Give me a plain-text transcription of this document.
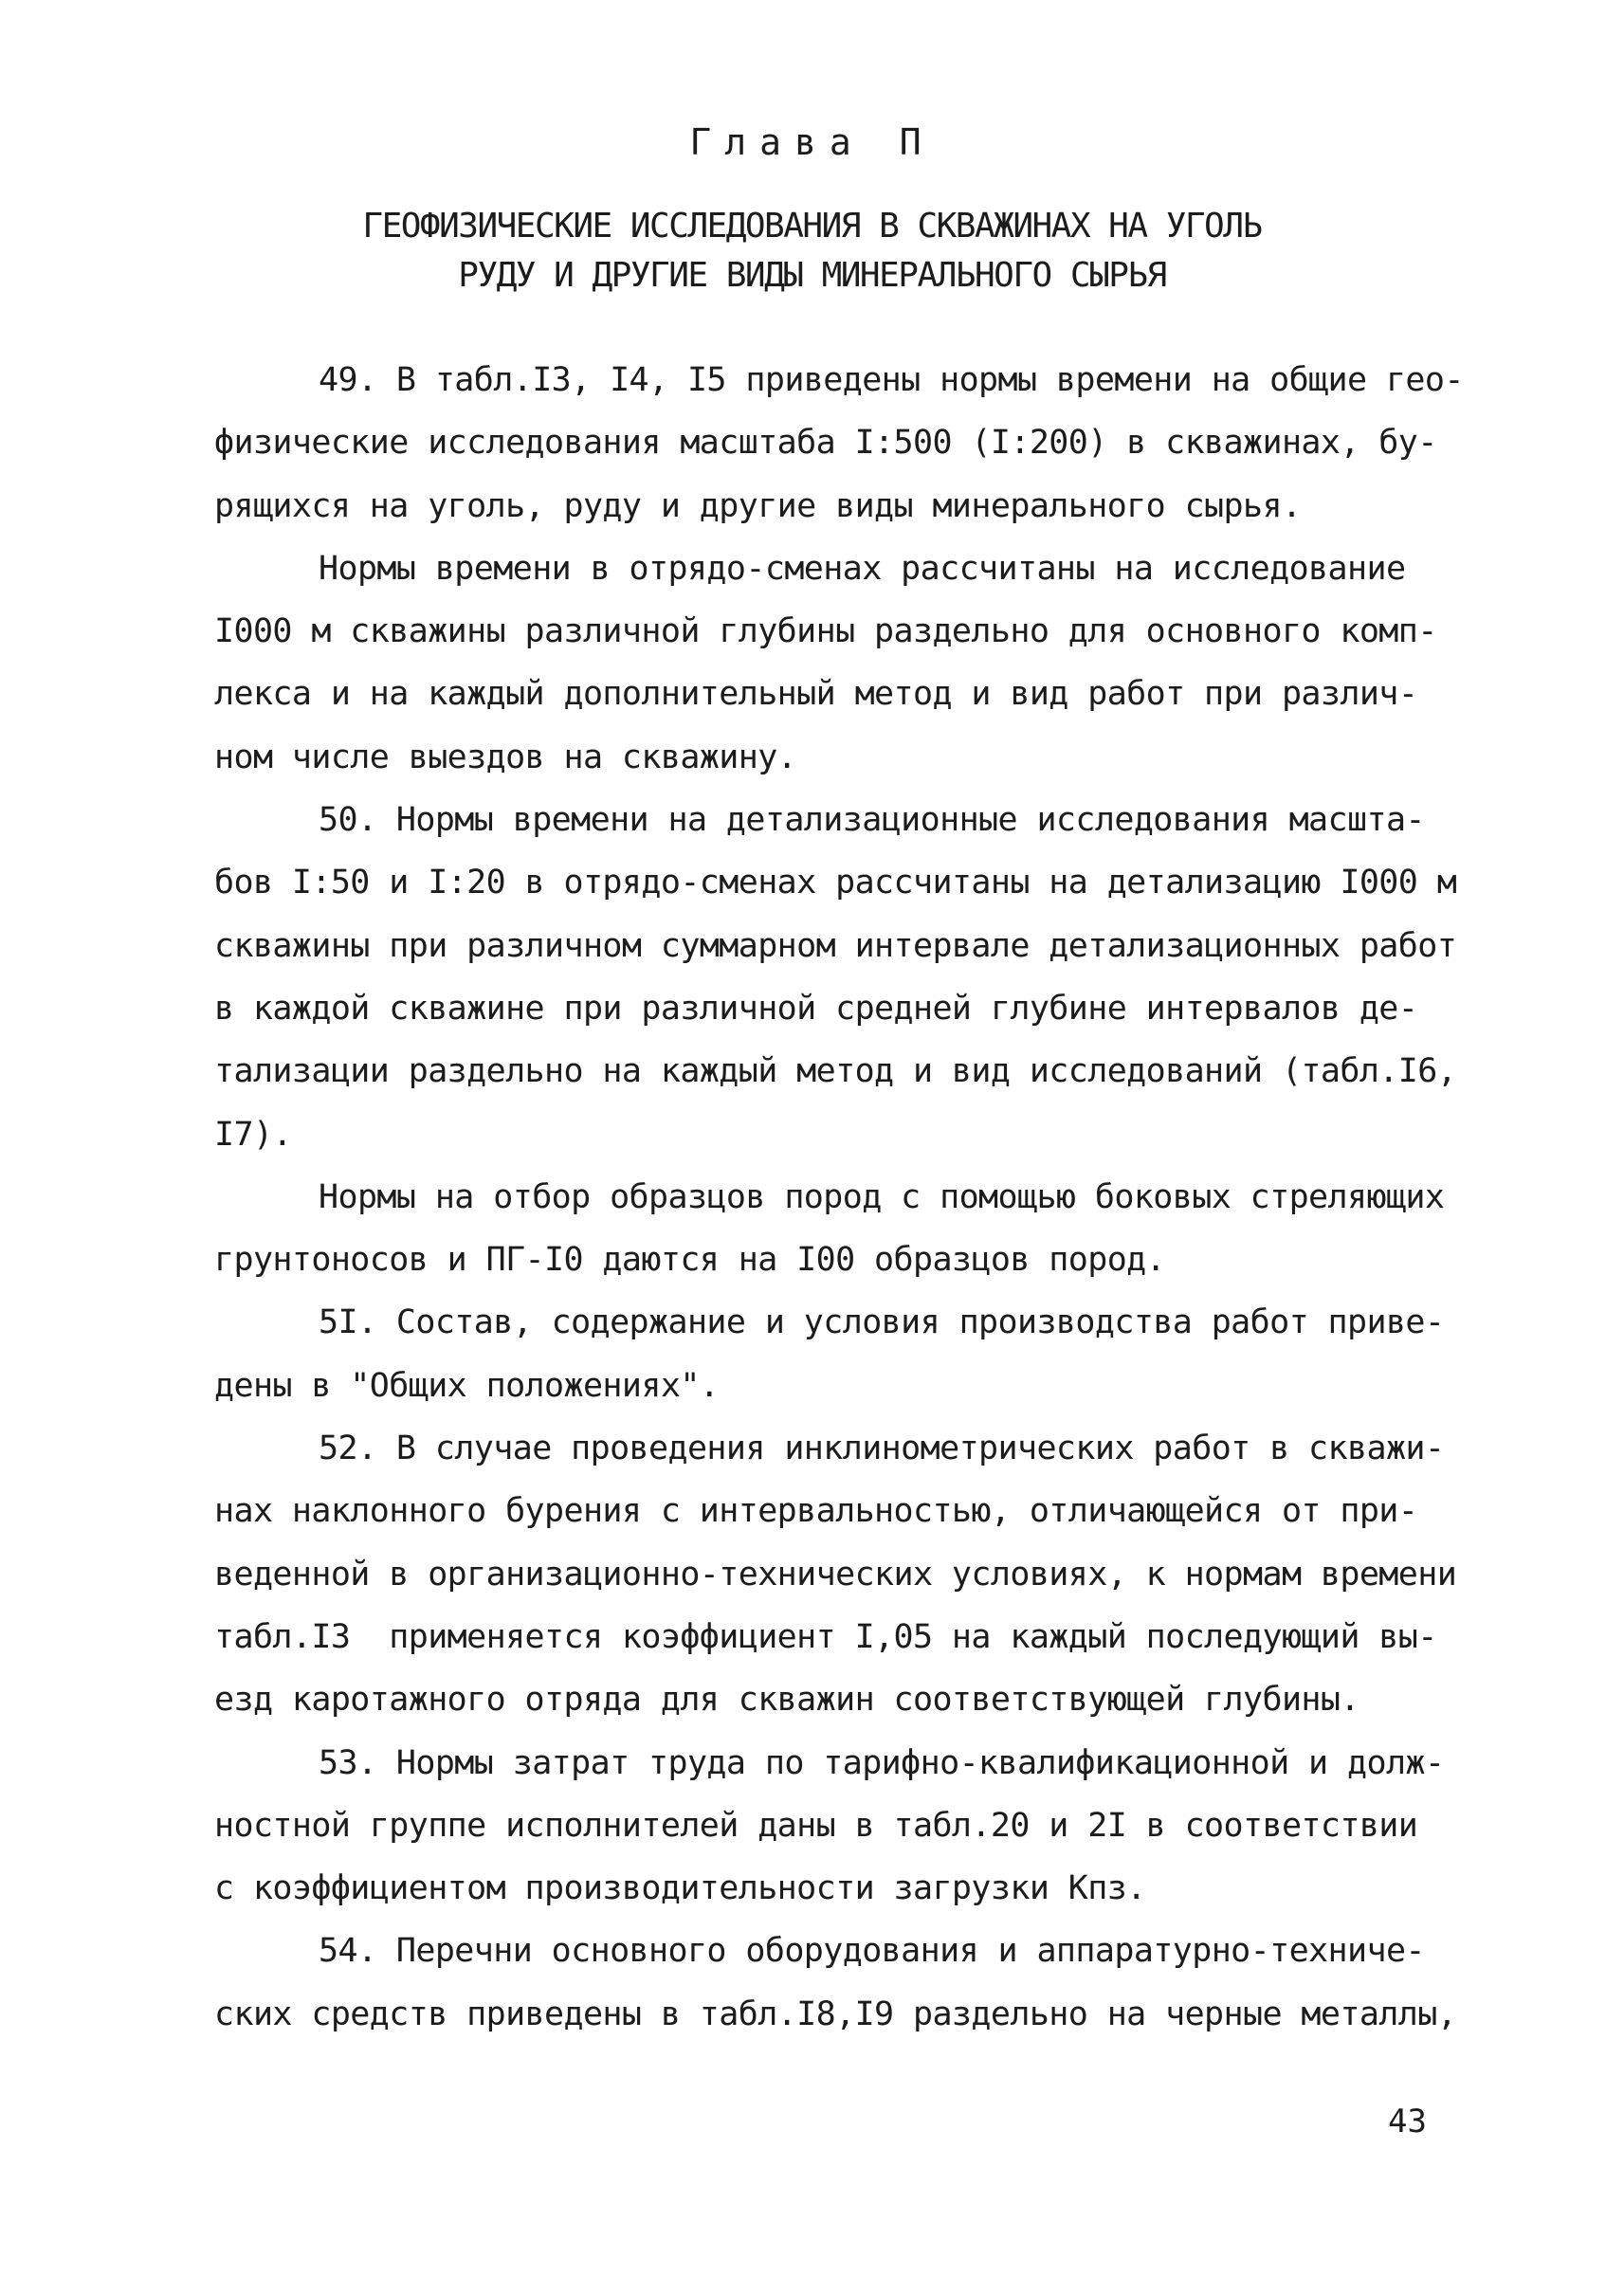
Глава П
ГЕОФИЗИЧЕСКИЕ ИССЛЕДОВАНИЯ В СКВАЖИНАХ НА УГОЛЬ
РУДУ И ДРУГИЕ ВИДЫ МИНЕРАЛЬНОГО СЫРЬЯ
49. В табл.I3, I4, I5 приведены нормы времени на общие гео-
физические исследования масштаба I:500 (I:200) в скважинах, бу-
рящихся на уголь, руду и другие виды минерального сырья.
Нормы времени в отрядо-сменах рассчитаны на исследование
I000 м скважины различной глубины раздельно для основного комп-
лекса и на каждый дополнительный метод и вид работ при различ-
ном числе выездов на скважину.
50. Нормы времени на детализационные исследования масшта-
бов I:50 и I:20 в отрядо-сменах рассчитаны на детализацию I000 м
скважины при различном суммарном интервале детализационных работ
в каждой скважине при различной средней глубине интервалов де-
тализации раздельно на каждый метод и вид исследований (табл.I6,
I7).
Нормы на отбор образцов пород с помощью боковых стреляющих
грунтоносов и ПГ-I0 даются на I00 образцов пород.
5I. Состав, содержание и условия производства работ приве-
дены в "Общих положениях".
52. В случае проведения инклинометрических работ в скважи-
нах наклонного бурения с интервальностью, отличающейся от при-
веденной в организационно-технических условиях, к нормам времени
табл.I3  применяется коэффициент I,05 на каждый последующий вы-
езд каротажного отряда для скважин соответствующей глубины.
53. Нормы затрат труда по тарифно-квалификационной и долж-
ностной группе исполнителей даны в табл.20 и 2I в соответствии
с коэффициентом производительности загрузки Кпз.
54. Перечни основного оборудования и аппаратурно-техниче-
ских средств приведены в табл.I8,I9 раздельно на черные металлы,
43
